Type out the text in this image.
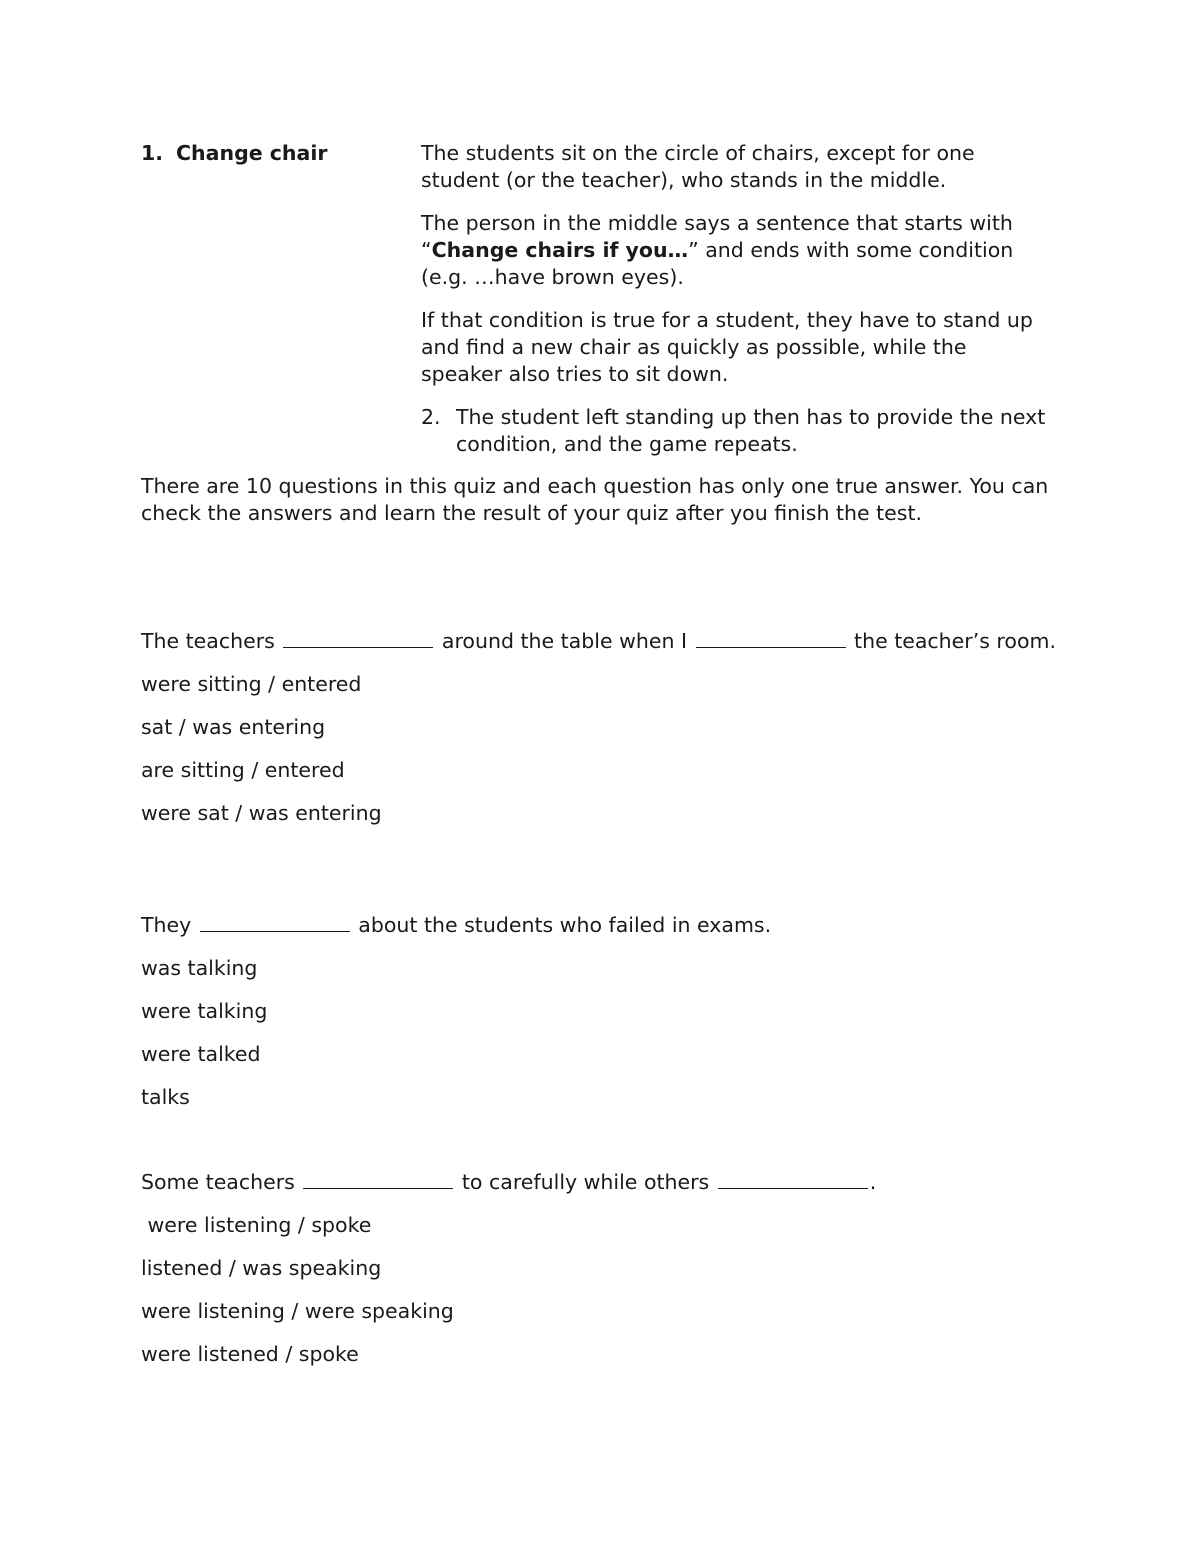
1. Change chair	The students sit on the circle of chairs, except for one student (or the teacher), who stands in the middle.

The person in the middle says a sentence that starts with “Change chairs if you…” and ends with some condition (e.g. …have brown eyes).

If that condition is true for a student, they have to stand up and find a new chair as quickly as possible, while the speaker also tries to sit down.

2. The student left standing up then has to provide the next condition, and the game repeats.

There are 10 questions in this quiz and each question has only one true answer. You can check the answers and learn the result of your quiz after you finish the test.

The teachers	around the table when I	the teacher’s room.

were sitting / entered

sat / was entering

are sitting / entered

were sat / was entering

They	about the students who failed in exams.

was talking

were talking

were talked

talks

Some teachers	to carefully while others	.

were listening / spoke

listened / was speaking

were listening / were speaking

were listened / spoke
